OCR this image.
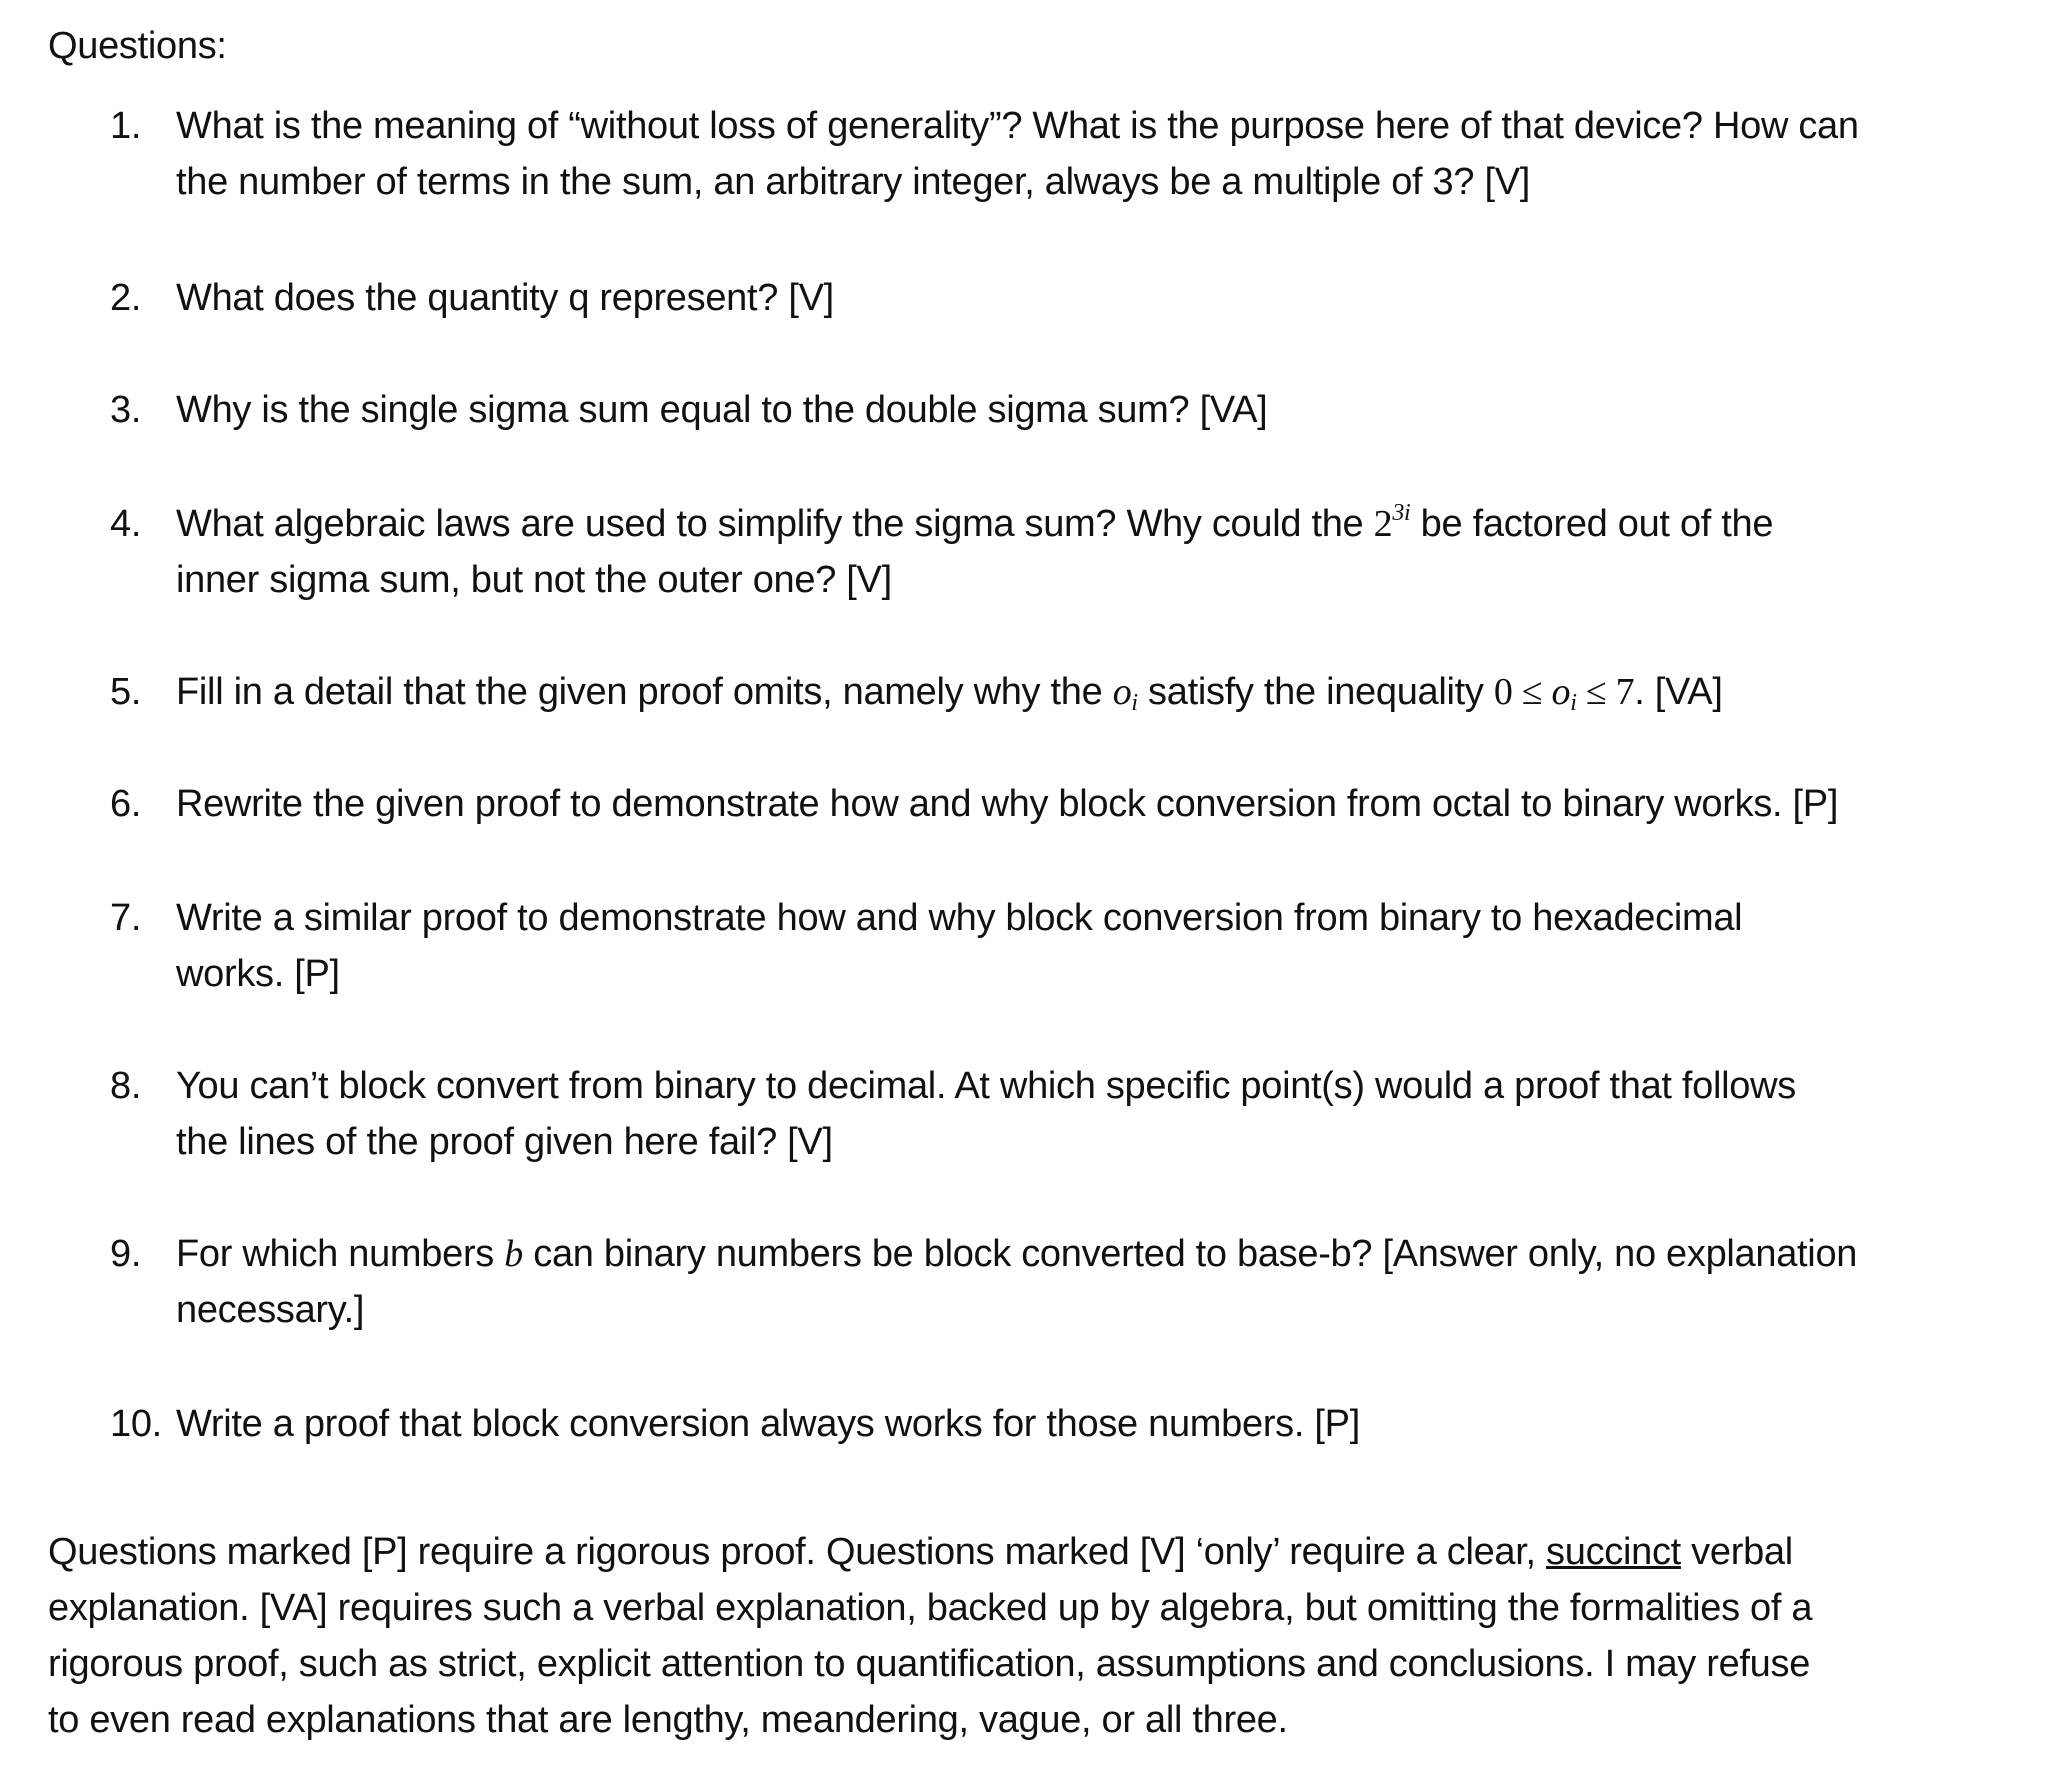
Questions:
1. What is the meaning of “without loss of generality”? What is the purpose here of that device? How can
the number of terms in the sum, an arbitrary integer, always be a multiple of 3? [V]
2. What does the quantity q represent? [V]
3. Why is the single sigma sum equal to the double sigma sum? [VA]
4. What algebraic laws are used to simplify the sigma sum? Why could the $2^{3i}$ be factored out of the
inner sigma sum, but not the outer one? [V]
5. Fill in a detail that the given proof omits, namely why the $o_i$ satisfy the inequality $0 \le o_i \le 7$. [VA]
6. Rewrite the given proof to demonstrate how and why block conversion from octal to binary works. [P]
7. Write a similar proof to demonstrate how and why block conversion from binary to hexadecimal
works. [P]
8. You can’t block convert from binary to decimal. At which specific point(s) would a proof that follows
the lines of the proof given here fail? [V]
9. For which numbers b can binary numbers be block converted to base-b? [Answer only, no explanation
necessary.]
10. Write a proof that block conversion always works for those numbers. [P]
Questions marked [P] require a rigorous proof. Questions marked [V] ‘only’ require a clear, succinct verbal
explanation. [VA] requires such a verbal explanation, backed up by algebra, but omitting the formalities of a
rigorous proof, such as strict, explicit attention to quantification, assumptions and conclusions. I may refuse
to even read explanations that are lengthy, meandering, vague, or all three.
